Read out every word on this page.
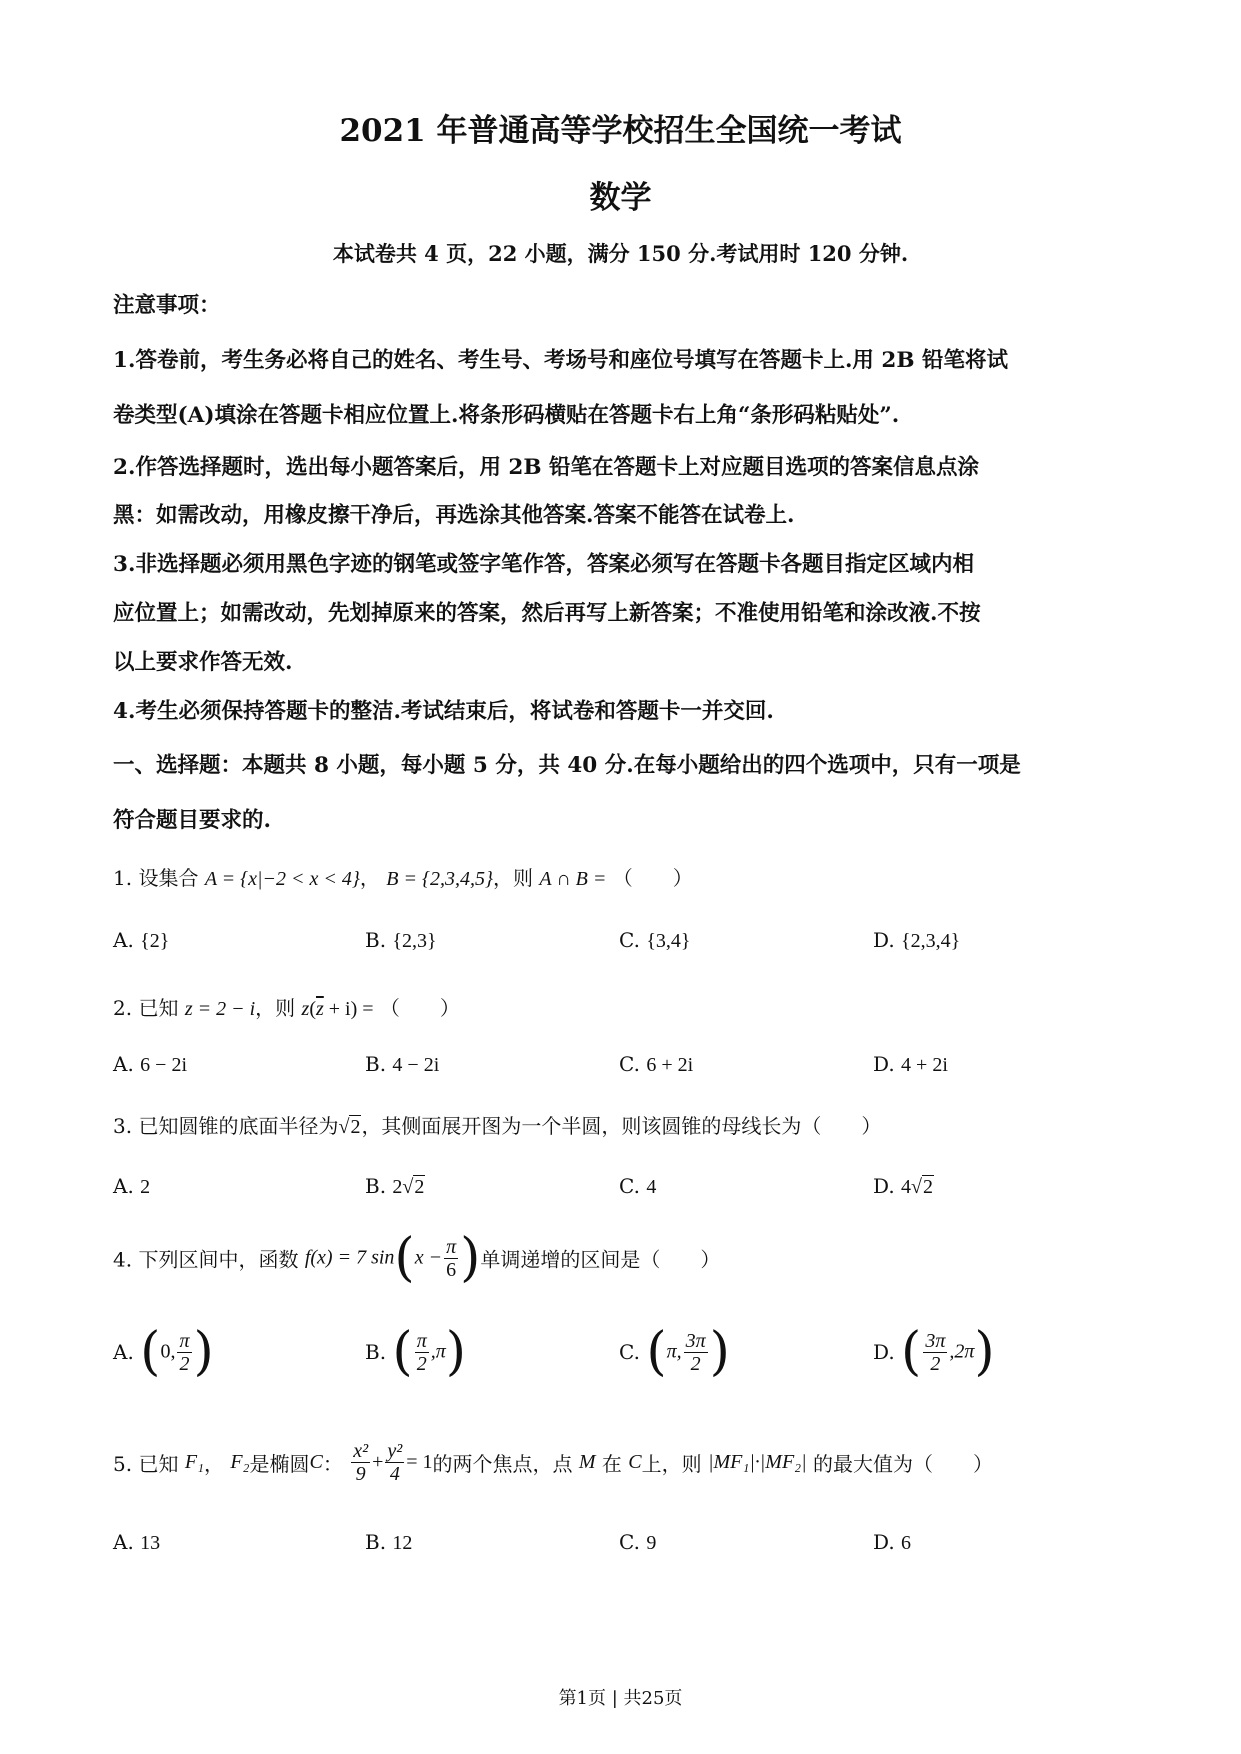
2021 年普通高等学校招生全国统一考试
数学
本试卷共 4 页，22 小题，满分 150 分.考试用时 120 分钟.
注意事项：
1.答卷前，考生务必将自己的姓名、考生号、考场号和座位号填写在答题卡上.用 2B 铅笔将试
卷类型(A)填涂在答题卡相应位置上.将条形码横贴在答题卡右上角“条形码粘贴处”.
2.作答选择题时，选出每小题答案后，用 2B 铅笔在答题卡上对应题目选项的答案信息点涂
黑：如需改动，用橡皮擦干净后，再选涂其他答案.答案不能答在试卷上.
3.非选择题必须用黑色字迹的钢笔或签字笔作答，答案必须写在答题卡各题目指定区域内相
应位置上；如需改动，先划掉原来的答案，然后再写上新答案；不准使用铅笔和涂改液.不按
以上要求作答无效.
4.考生必须保持答题卡的整洁.考试结束后，将试卷和答题卡一并交回.
一、选择题：本题共 8 小题，每小题 5 分，共 40 分.在每小题给出的四个选项中，只有一项是
符合题目要求的.
1. 设集合 A = {x|−2 < x < 4}， B = {2,3,4,5}，则 A ∩ B = （　　）
A. {2}	B. {2,3}	C. {3,4}	D. {2,3,4}
2. 已知 z = 2 − i，则 $z(\overline{z} + i)$ = （　　）
A. 6 − 2i	B. 4 − 2i	C. 6 + 2i	D. 4 + 2i
3. 已知圆锥的底面半径为√2，其侧面展开图为一个半圆，则该圆锥的母线长为（　　）
A. 2	B. 2√2	C. 4	D. 4√2
4. 下列区间中，函数 f(x) = 7 $\sin(x - \frac{\pi}{6}$ )单调递增的区间是（　　）
A. (0, $\frac{\pi}{2}$ )	B. ( $\frac{\pi}{2} ,\pi$)	C. (π, $\frac{3\pi}{2}$ )	D. ( $\frac{3\pi}{2} ,2\pi$)
5. 已知 F₁， F₂是椭圆C： $\frac{\text{x²}}{9} + \frac{\text{y²}}{4} = 1$的两个焦点，点 M 在 C上，则 |MF₁|·|MF₂| 的最大值为（　　）
A. 13	B. 12	C. 9	D. 6
第1页 | 共25页
